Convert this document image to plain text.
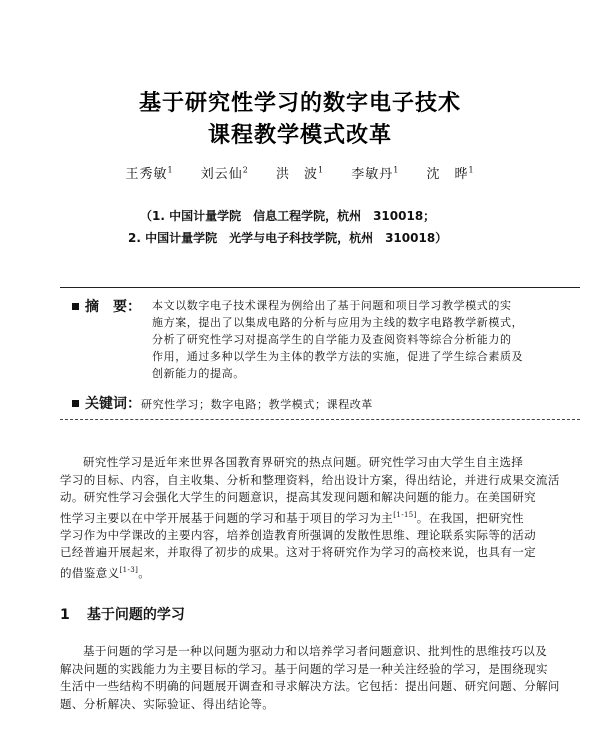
基于研究性学习的数字电子技术
课程教学模式改革
王秀敏$^1$ 刘云仙$^2$ 洪　波$^1$ 李敏丹$^1$ 沈　晔$^1$
（1. 中国计量学院　信息工程学院，杭州　310018；
2. 中国计量学院　光学与电子科技学院，杭州　310018）
摘　要：	本文以数字电子技术课程为例给出了基于问题和项目学习教学模式的实
施方案，提出了以集成电路的分析与应用为主线的数字电路教学新模式，
分析了研究性学习对提高学生的自学能力及查阅资料等综合分析能力的
作用，通过多种以学生为主体的教学方法的实施，促进了学生综合素质及
创新能力的提高。
关键词：研究性学习；数字电路；教学模式；课程改革
研究性学习是近年来世界各国教育界研究的热点问题。研究性学习由大学生自主选择
学习的目标、内容，自主收集、分析和整理资料，给出设计方案，得出结论，并进行成果交流活
动。研究性学习会强化大学生的问题意识，提高其发现问题和解决问题的能力。在美国研究
性学习主要以在中学开展基于问题的学习和基于项目的学习为主[1-15]。在我国，把研究性
学习作为中学课改的主要内容，培养创造教育所强调的发散性思维、理论联系实际等的活动
已经普遍开展起来，并取得了初步的成果。这对于将研究作为学习的高校来说，也具有一定
的借鉴意义[1-3]。
1 基于问题的学习
基于问题的学习是一种以问题为驱动力和以培养学习者问题意识、批判性的思维技巧以及
解决问题的实践能力为主要目标的学习。基于问题的学习是一种关注经验的学习，是围绕现实
生活中一些结构不明确的问题展开调查和寻求解决方法。它包括：提出问题、研究问题、分解问
题、分析解决、实际验证、得出结论等。
